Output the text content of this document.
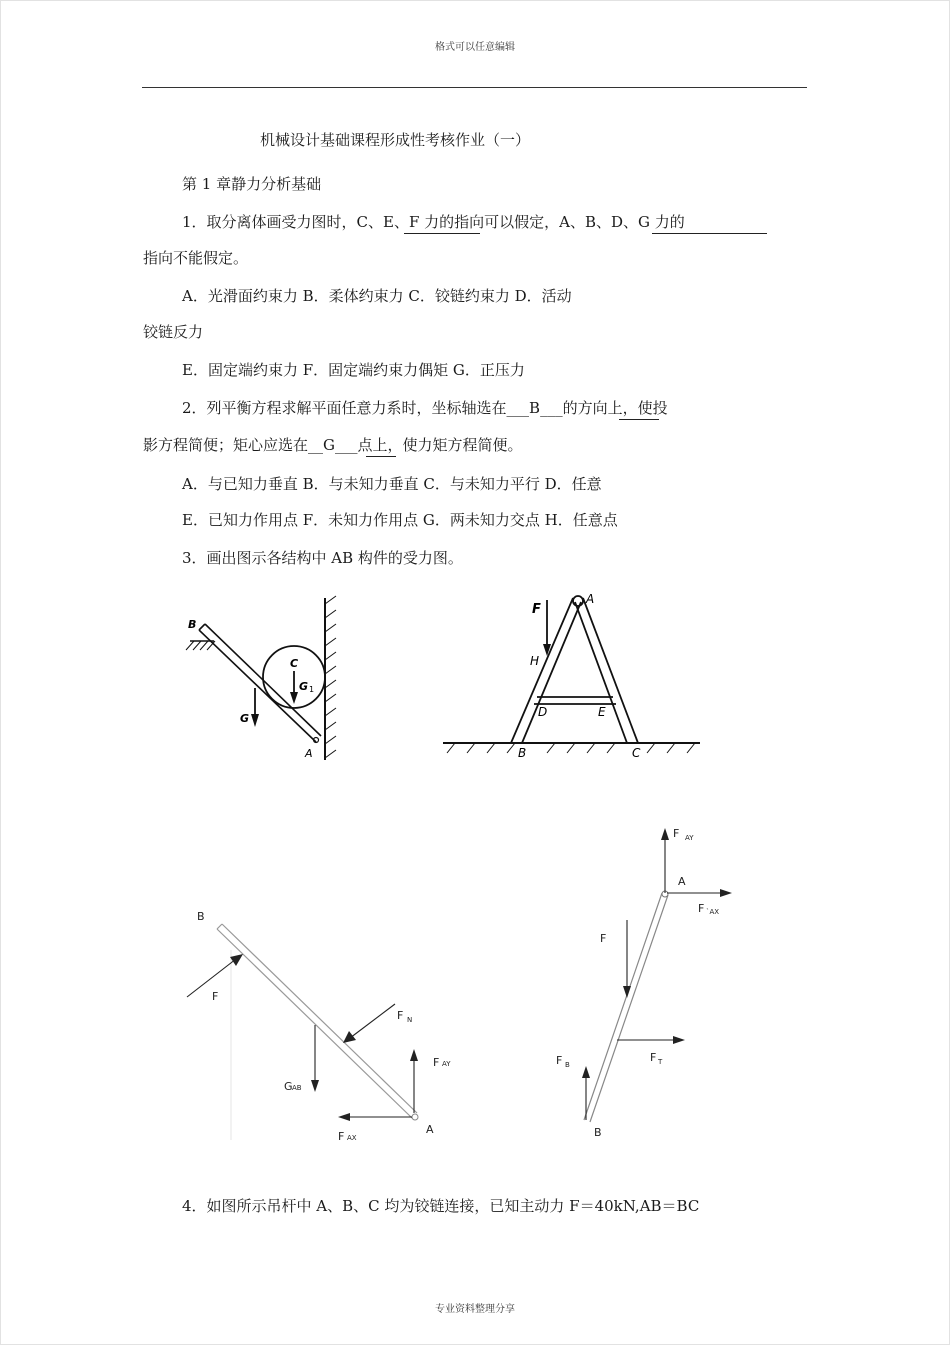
格式可以任意编辑
机械设计基础课程形成性考核作业（一）
第 1 章静力分析基础
1．取分离体画受力图时，C、E、F 力的指向可以假定，A、B、D、G 力的
指向不能假定。
A．光滑面约束力 B．柔体约束力 C．铰链约束力 D．活动
铰链反力
E．固定端约束力 F．固定端约束力偶矩 G．正压力
2．列平衡方程求解平面任意力系时，坐标轴选在___B___的方向上，使投
影方程简便；矩心应选在__G___点上，使力矩方程简便。
A．与已知力垂直 B．与未知力垂直 C．与未知力平行 D．任意
E．已知力作用点 F．未知力作用点 G．两未知力交点 H．任意点
3．画出图示各结构中 AB 构件的受力图。
B
C
G 1
G
A
F
A
H
D	E
B	C
B
F
F N
G AB
F AY
F AX
A
F AY
A
F `AX
F
F T
F B
B
4．如图所示吊杆中 A、B、C 均为铰链连接，已知主动力 F＝40kN,AB＝BC
专业资料整理分享
